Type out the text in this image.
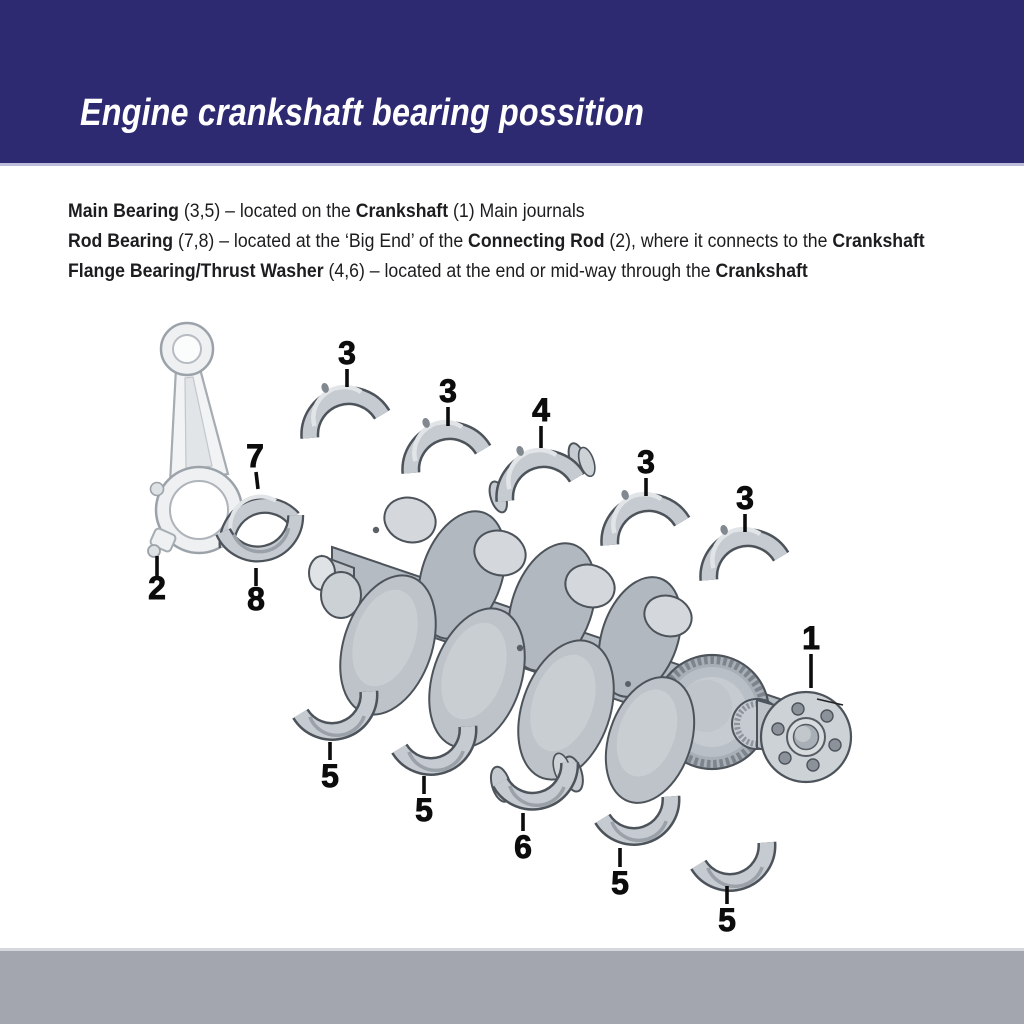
Engine crankshaft bearing possition
Main Bearing (3,5) – located on the Crankshaft (1) Main journals
Rod Bearing (7,8) – located at the ‘Big End’ of the Connecting Rod (2), where it connects to the Crankshaft
Flange Bearing/Thrust Washer (4,6) – located at the end or mid-way through the Crankshaft
3
3
4
3
3
1
7
8
2
5
5
6
5
5
